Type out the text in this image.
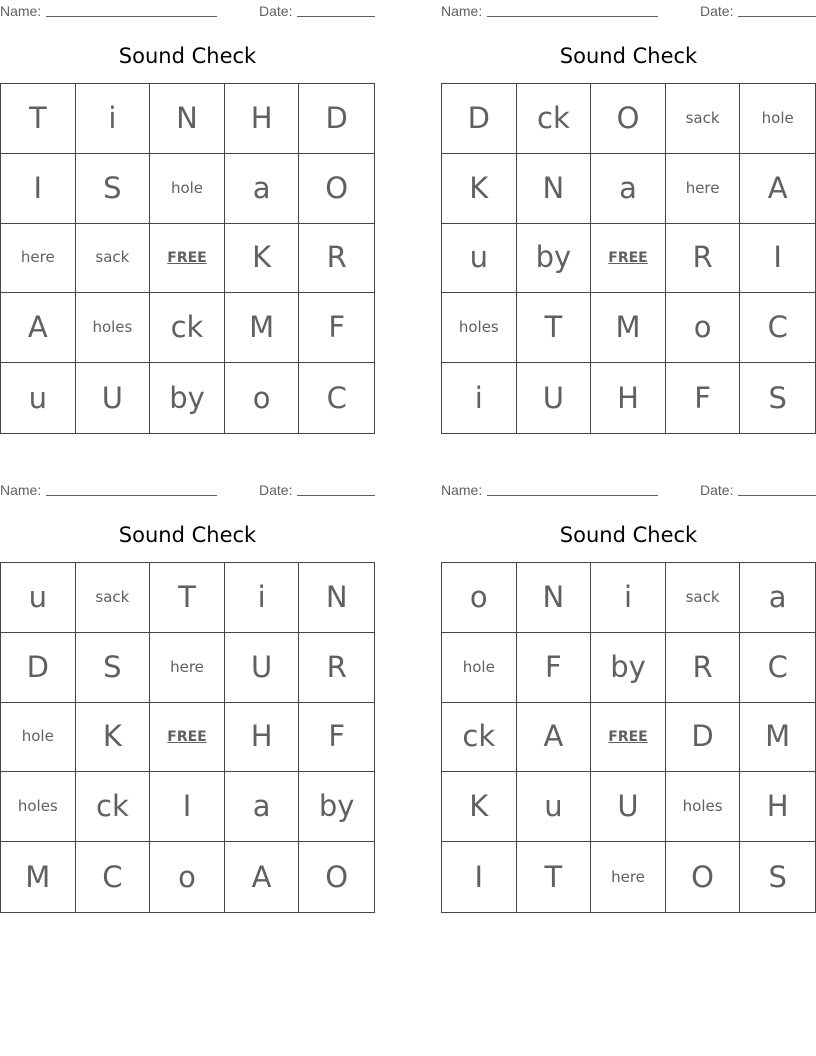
Name:	Date:
Sound Check
T	i	N	H	D
I	S	hole	a	O
here	sack	FREE	K	R
A	holes	ck	M	F
u	U	by	o	C
Name:	Date:
Sound Check
D	ck	O	sack	hole
K	N	a	here	A
u	by	FREE	R	I
holes	T	M	o	C
i	U	H	F	S
Name:	Date:
Sound Check
u	sack	T	i	N
D	S	here	U	R
hole	K	FREE	H	F
holes	ck	I	a	by
M	C	o	A	O
Name:	Date:
Sound Check
o	N	i	sack	a
hole	F	by	R	C
ck	A	FREE	D	M
K	u	U	holes	H
I	T	here	O	S
